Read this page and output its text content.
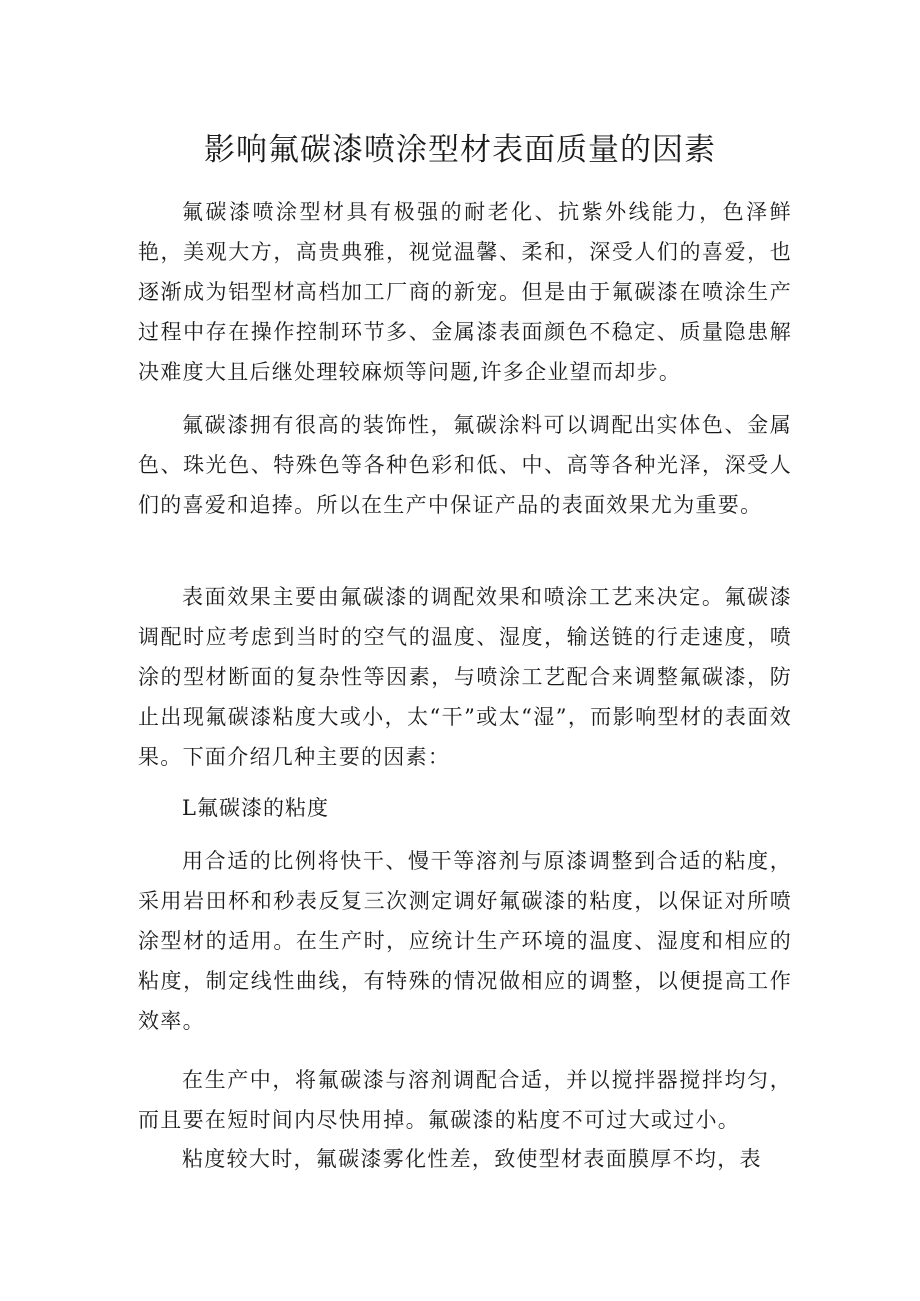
影响氟碳漆喷涂型材表面质量的因素

氟碳漆喷涂型材具有极强的耐老化、抗紫外线能力，色泽鲜艳，美观大方，高贵典雅，视觉温馨、柔和，深受人们的喜爱，也逐渐成为铝型材高档加工厂商的新宠。但是由于氟碳漆在喷涂生产过程中存在操作控制环节多、金属漆表面颜色不稳定、质量隐患解决难度大且后继处理较麻烦等问题,许多企业望而却步。

氟碳漆拥有很高的装饰性，氟碳涂料可以调配出实体色、金属色、珠光色、特殊色等各种色彩和低、中、高等各种光泽，深受人们的喜爱和追捧。所以在生产中保证产品的表面效果尤为重要。

表面效果主要由氟碳漆的调配效果和喷涂工艺来决定。氟碳漆调配时应考虑到当时的空气的温度、湿度，输送链的行走速度，喷涂的型材断面的复杂性等因素，与喷涂工艺配合来调整氟碳漆，防止出现氟碳漆粘度大或小，太“干”或太“湿”，而影响型材的表面效果。下面介绍几种主要的因素：

L氟碳漆的粘度

用合适的比例将快干、慢干等溶剂与原漆调整到合适的粘度，采用岩田杯和秒表反复三次测定调好氟碳漆的粘度，以保证对所喷涂型材的适用。在生产时，应统计生产环境的温度、湿度和相应的粘度，制定线性曲线，有特殊的情况做相应的调整，以便提高工作效率。

在生产中，将氟碳漆与溶剂调配合适，并以搅拌器搅拌均匀，而且要在短时间内尽快用掉。氟碳漆的粘度不可过大或过小。

粘度较大时，氟碳漆雾化性差，致使型材表面膜厚不均，表
